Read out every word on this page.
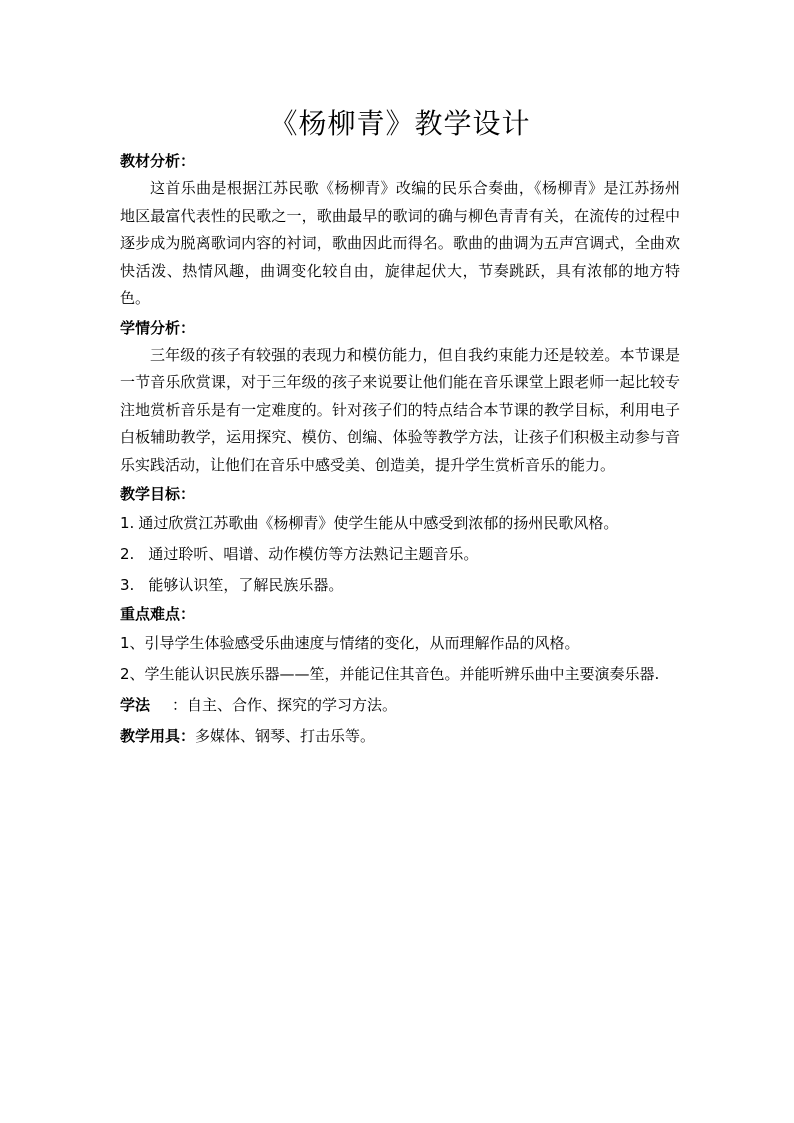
《杨柳青》教学设计

教材分析：

这首乐曲是根据江苏民歌《杨柳青》改编的民乐合奏曲，《杨柳青》是江苏扬州地区最富代表性的民歌之一，歌曲最早的歌词的确与柳色青青有关，在流传的过程中逐步成为脱离歌词内容的衬词，歌曲因此而得名。歌曲的曲调为五声宫调式，全曲欢快活泼、热情风趣，曲调变化较自由，旋律起伏大，节奏跳跃，具有浓郁的地方特色。

学情分析：

三年级的孩子有较强的表现力和模仿能力，但自我约束能力还是较差。本节课是一节音乐欣赏课，对于三年级的孩子来说要让他们能在音乐课堂上跟老师一起比较专注地赏析音乐是有一定难度的。针对孩子们的特点结合本节课的教学目标，利用电子白板辅助教学，运用探究、模仿、创编、体验等教学方法，让孩子们积极主动参与音乐实践活动，让他们在音乐中感受美、创造美，提升学生赏析音乐的能力。

教学目标：

1. 通过欣赏江苏歌曲《杨柳青》使学生能从中感受到浓郁的扬州民歌风格。

2. 通过聆听、唱谱、动作模仿等方法熟记主题音乐。

3. 能够认识笙，了解民族乐器。

重点难点：

1、引导学生体验感受乐曲速度与情绪的变化，从而理解作品的风格。

2、学生能认识民族乐器——笙，并能记住其音色。并能听辨乐曲中主要演奏乐器.

学法 ：自主、合作、探究的学习方法。

教学用具：多媒体、钢琴、打击乐等。
